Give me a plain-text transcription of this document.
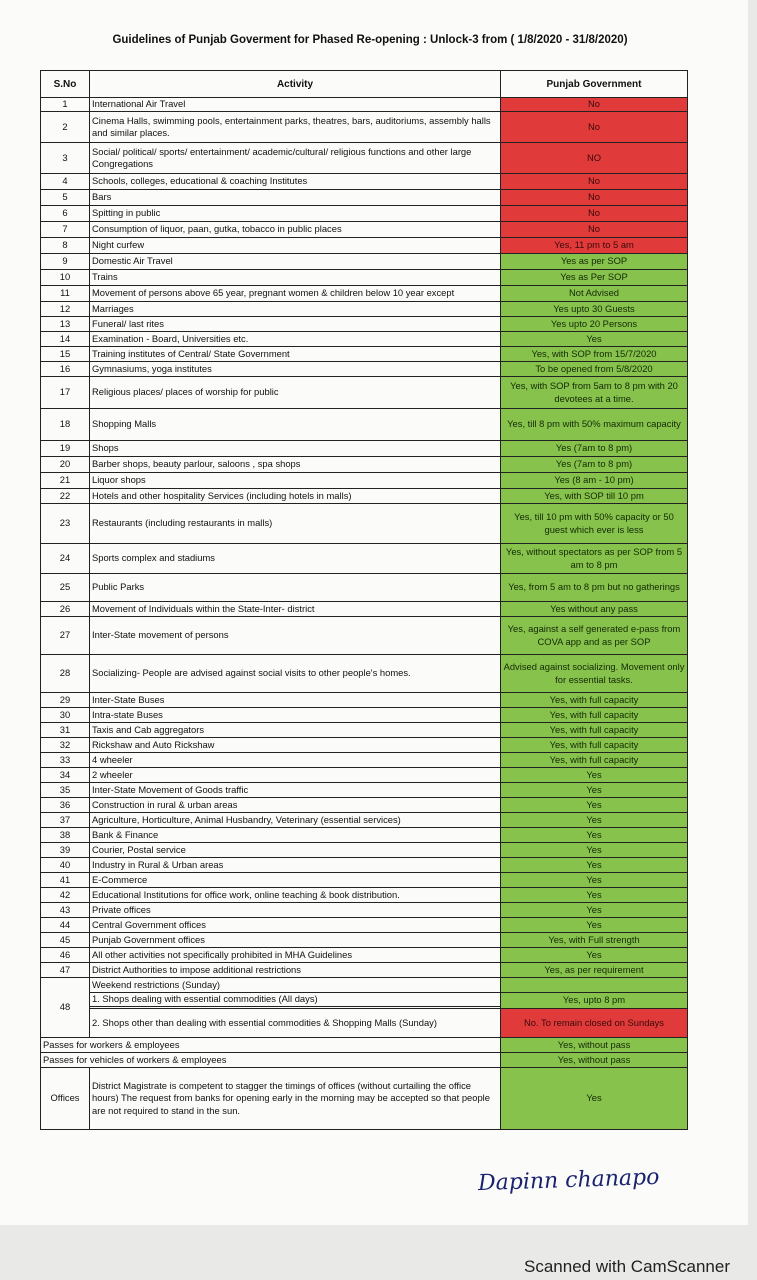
Guidelines of Punjab Goverment for Phased Re-opening : Unlock-3 from ( 1/8/2020 - 31/8/2020)
S.No	Activity	Punjab Government
1	International Air Travel	No
2	Cinema Halls, swimming pools, entertainment parks, theatres, bars, auditoriums, assembly halls and similar places.	No
3	Social/ political/ sports/ entertainment/ academic/cultural/ religious functions and other large Congregations	NO
4	Schools, colleges, educational & coaching Institutes	No
5	Bars	No
6	Spitting in public	No
7	Consumption of liquor, paan, gutka, tobacco in public places	No
8	Night curfew	Yes, 11 pm to 5 am
9	Domestic Air Travel	Yes as per SOP
10	Trains	Yes as Per SOP
11	Movement of persons above 65 year, pregnant women & children below 10 year except	Not Advised
12	Marriages	Yes upto 30 Guests
13	Funeral/ last rites	Yes upto 20 Persons
14	Examination - Board, Universities etc.	Yes
15	Training institutes of Central/ State Government	Yes, with SOP from 15/7/2020
16	Gymnasiums, yoga institutes	To be opened from 5/8/2020
17	Religious places/ places of worship for public	Yes, with SOP from 5am to 8 pm with 20 devotees at a time.
18	Shopping Malls	Yes, till 8 pm with 50% maximum capacity
19	Shops	Yes (7am to 8 pm)
20	Barber shops, beauty parlour, saloons , spa shops	Yes (7am to 8 pm)
21	Liquor shops	Yes (8 am - 10 pm)
22	Hotels and other hospitality Services (including hotels in malls)	Yes, with SOP till 10 pm
23	Restaurants (including restaurants in malls)	Yes, till 10 pm with 50% capacity or 50 guest which ever is less
24	Sports complex and stadiums	Yes, without spectators as per SOP from 5 am to 8 pm
25	Public Parks	Yes, from 5 am to 8 pm but no gatherings
26	Movement of Individuals within the State-Inter- district	Yes without any pass
27	Inter-State movement of persons	Yes, against a self generated e-pass from COVA app and as per SOP
28	Socializing- People are advised against social visits to other people's homes.	Advised against socializing. Movement only for essential tasks.
29	Inter-State Buses	Yes, with full capacity
30	Intra-state Buses	Yes, with full capacity
31	Taxis and Cab aggregators	Yes, with full capacity
32	Rickshaw and Auto Rickshaw	Yes, with full capacity
33	4 wheeler	Yes, with full capacity
34	2 wheeler	Yes
35	Inter-State Movement of Goods traffic	Yes
36	Construction in rural & urban areas	Yes
37	Agriculture, Horticulture, Animal Husbandry, Veterinary (essential services)	Yes
38	Bank & Finance	Yes
39	Courier, Postal service	Yes
40	Industry in Rural & Urban areas	Yes
41	E-Commerce	Yes
42	Educational Institutions for office work, online teaching & book distribution.	Yes
43	Private offices	Yes
44	Central Government offices	Yes
45	Punjab Government offices	Yes, with Full strength
46	All other activities not specifically prohibited in MHA Guidelines	Yes
47	District Authorities to impose additional restrictions	Yes, as per requirement
48	Weekend restrictions (Sunday)	
	1. Shops dealing with essential commodities (All days)	Yes, upto 8 pm

	2. Shops other than dealing with essential commodities & Shopping Malls (Sunday)	No. To remain closed on Sundays
Passes for workers & employees		Yes, without pass
Passes for vehicles of workers & employees		Yes, without pass
Offices	District Magistrate is competent to stagger the timings of offices (without curtailing the office hours) The request from banks for opening early in the morning may be accepted so that people are not required to stand in the sun.	Yes
Dapinn chanapo
Scanned with CamScanner
